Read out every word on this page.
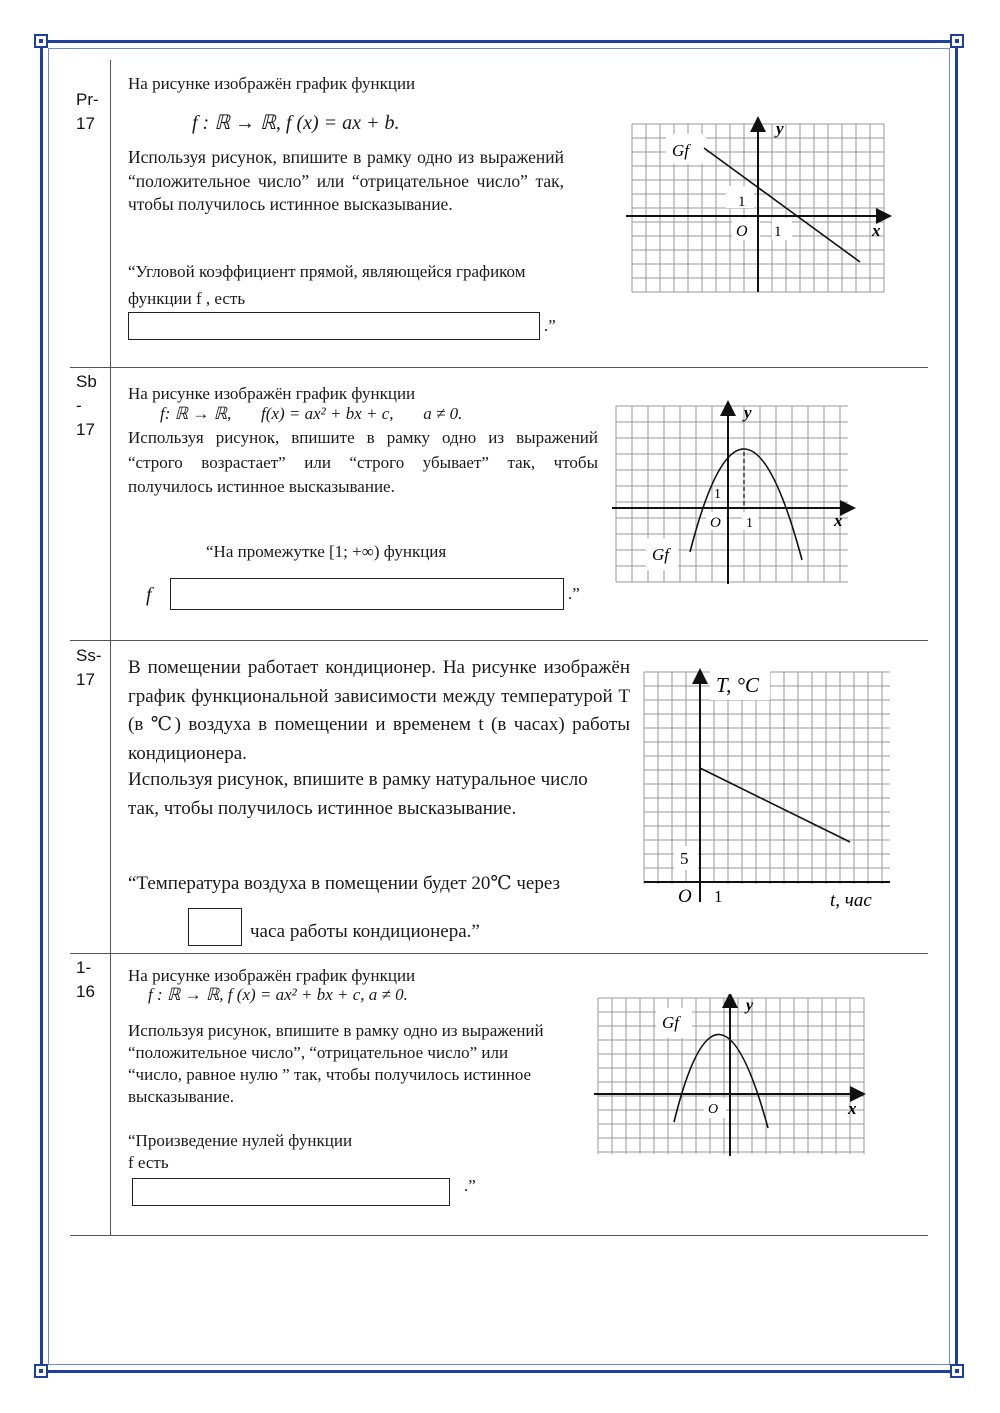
Pr-
17
На рисунке изображён график функции
f : ℝ → ℝ, f (x) = ax + b.
Используя рисунок, впишите в рамку одно из выражений “положительное число” или “отрицательное число” так, чтобы получилось истинное высказывание.
“Угловой коэффициент прямой, являющейся графиком функции f , есть
.”
Gf
y
x
O 1
1
Sb
-
17
На рисунке изображён график функции
f: ℝ → ℝ,       f(x) = ax² + bx + c,       a ≠ 0.
Используя рисунок, впишите в рамку одно из выражений “строго возрастает” или “строго убывает” так, чтобы получилось истинное высказывание.
“На промежутке [1; +∞) функция
f	.”
Gf
y
x
O 1
1
Ss-
17
В помещении работает кондиционер. На рисунке изображён график функциональной зависимости между температурой T (в ℃) воздуха в помещении и временем t (в часах) работы кондиционера.
Используя рисунок, впишите в рамку натуральное число так, чтобы получилось истинное высказывание.
“Температура воздуха в помещении будет 20℃ через
часа работы кондиционера.”
T, °C
t, час
O 1
5
1-
16
На рисунке изображён график функции
f : ℝ → ℝ, f (x) = ax² + bx + c, a ≠ 0.
Используя рисунок, впишите в рамку одно из выражений “положительное число”, “отрицательное число” или “число, равное нулю ” так, чтобы получилось истинное высказывание.
“Произведение нулей функции f есть
.”
Gf
y
x
O
